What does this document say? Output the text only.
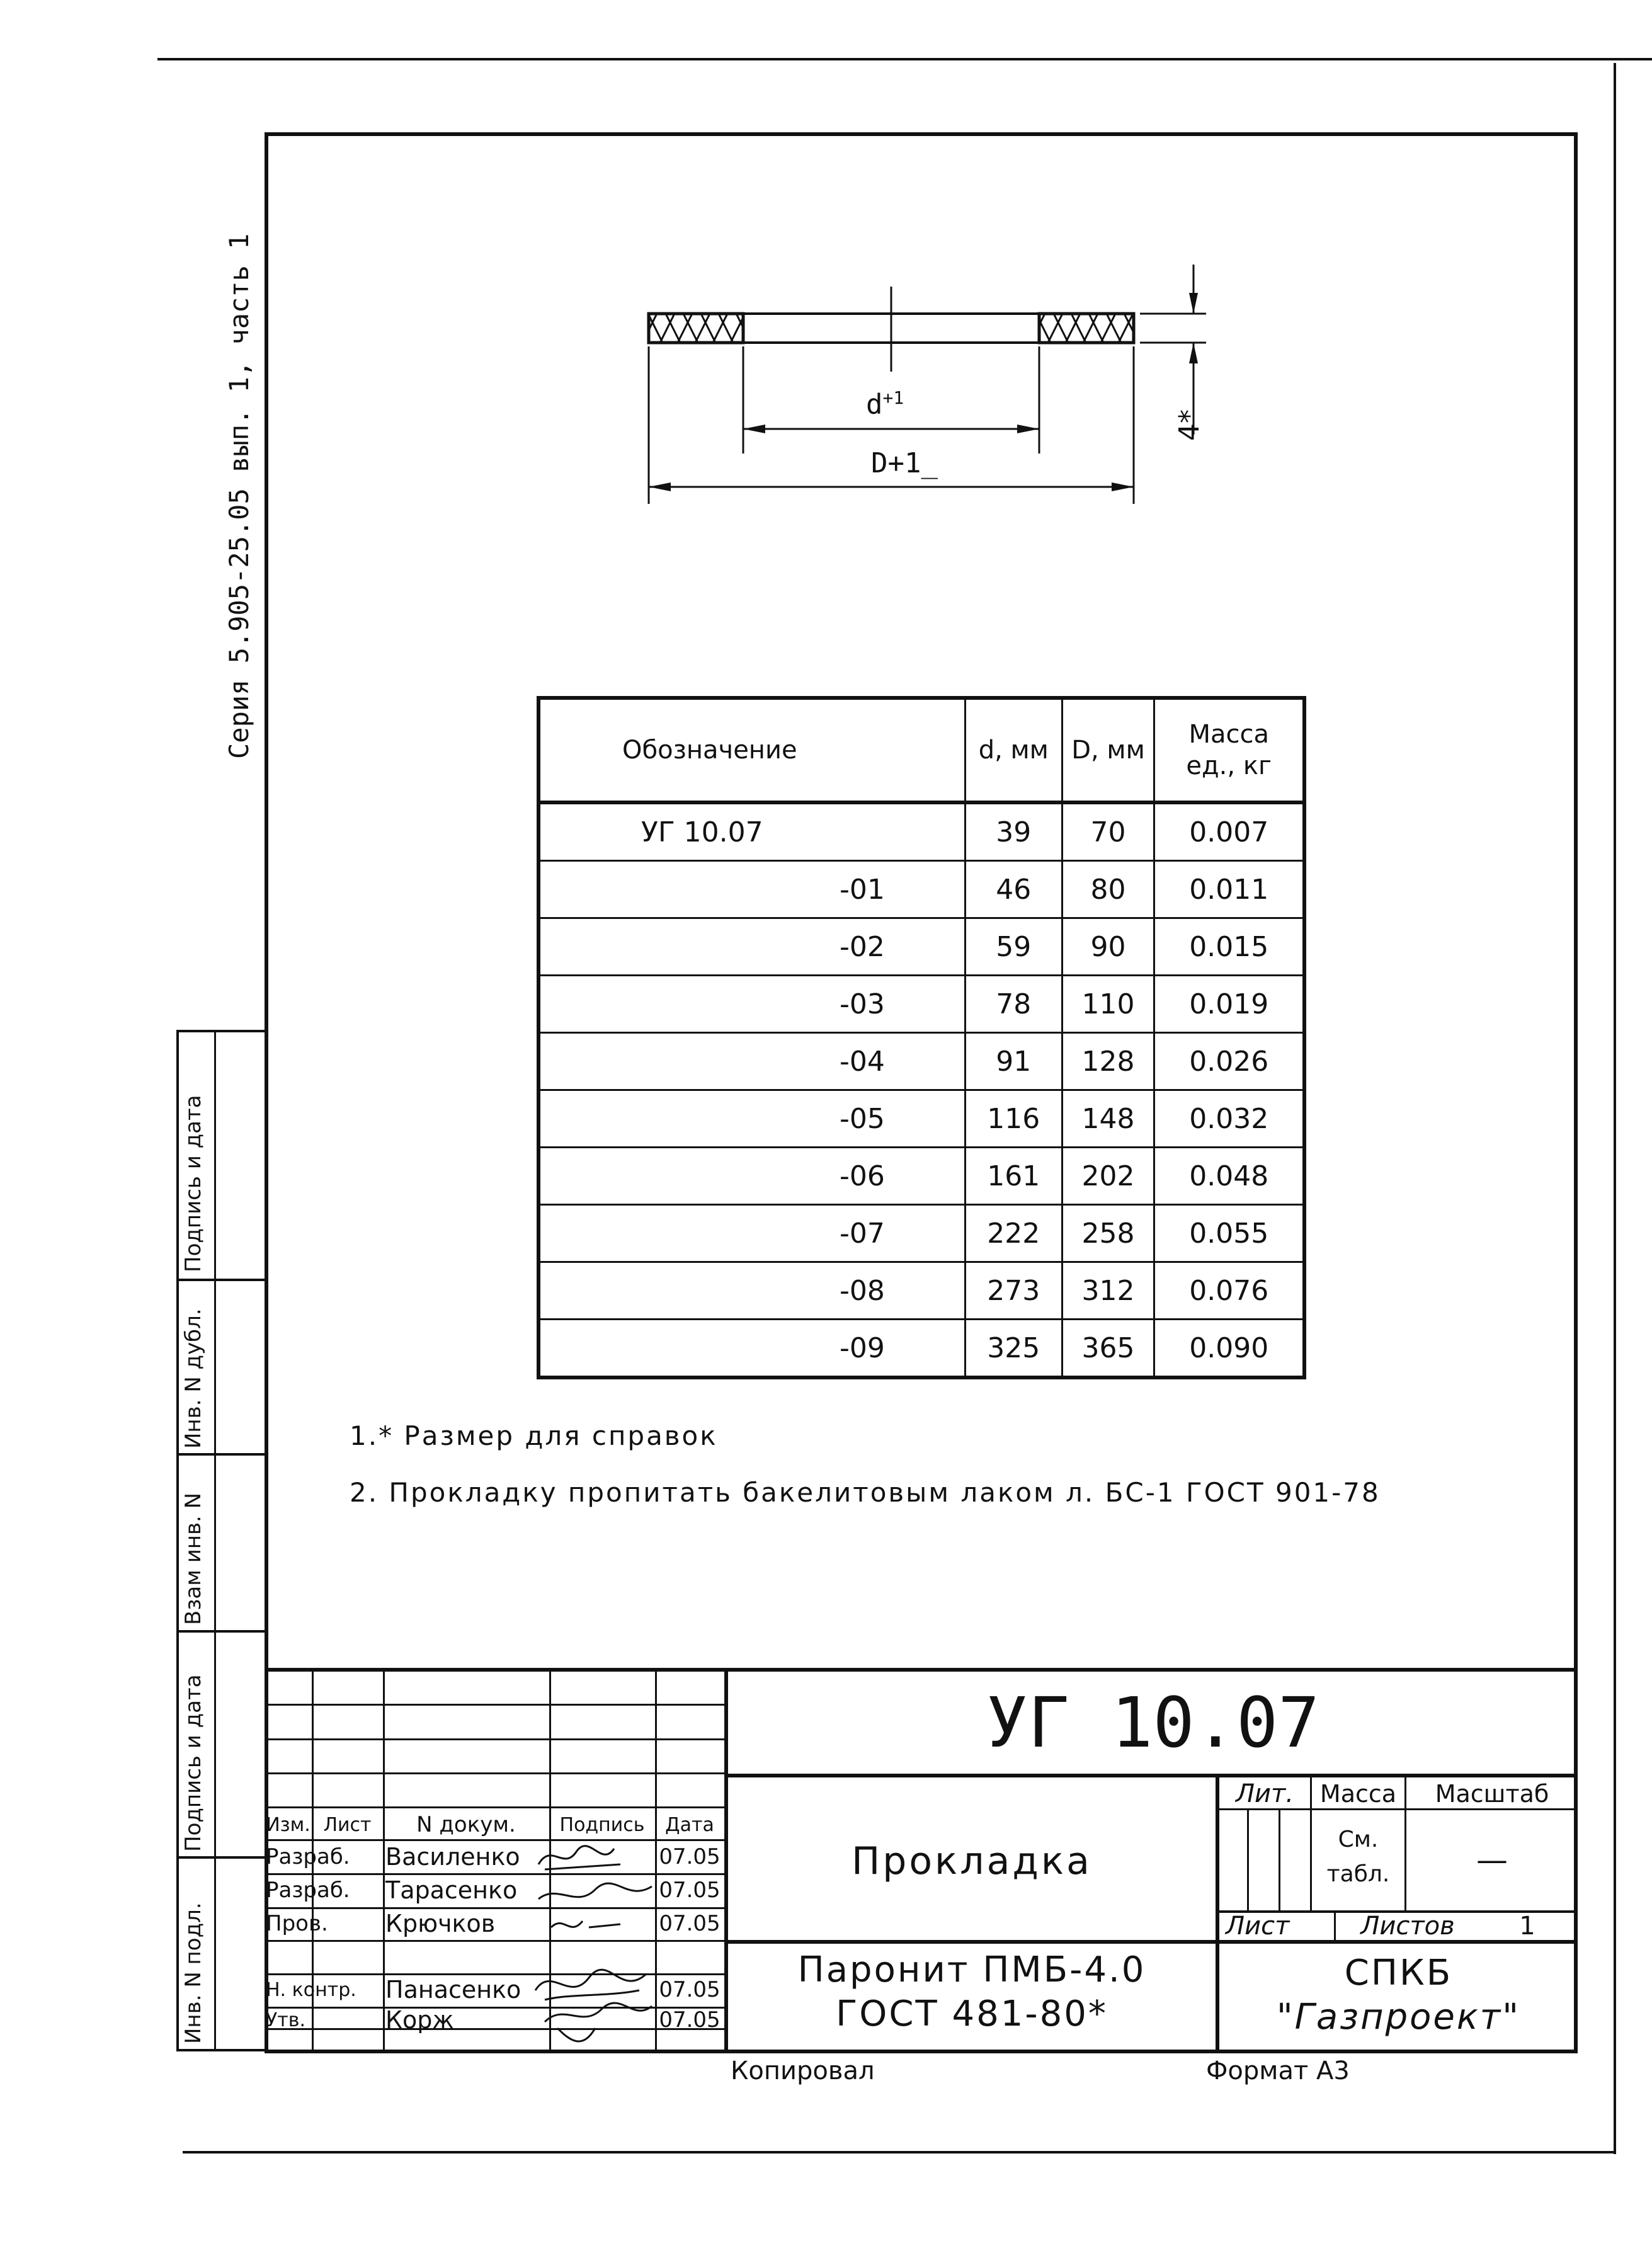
Серия 5.905-25.05 вып. 1, часть 1	$d^{+1}$
D+1_
4*
Обозначение	d, мм	D, мм	Масса ед., кг
УГ 10.07	39	70	0.007
-01	46	80	0.011
-02	59	90	0.015
-03	78	110	0.019
-04	91	128	0.026
-05	116	148	0.032
-06	161	202	0.048
-07	222	258	0.055
-08	273	312	0.076
-09	325	365	0.090
1.* Размер для справок
2. Прокладку пропитать бакелитовым лаком л. БС-1 ГОСТ 901-78
Инв. N подл.
Подпись и дата
Взам инв. N
Инв. N дубл.
Подпись и дата
Изм. Лист	N докум.	Подпись	Дата
Разраб.	Василенко	07.05
Разраб.	Тарасенко	07.05
Пров.	Крючков	07.05
Н. контр.	Панасенко	07.05
Утв.	Корж	07.05
УГ 10.07
Прокладка
Паронит ПМБ-4.0
ГОСТ 481-80*
Лит.	Масса	Масштаб
См.
табл.	—
Лист	Листов	1
СПКБ
"Газпроект"
Копировал	Формат А3
